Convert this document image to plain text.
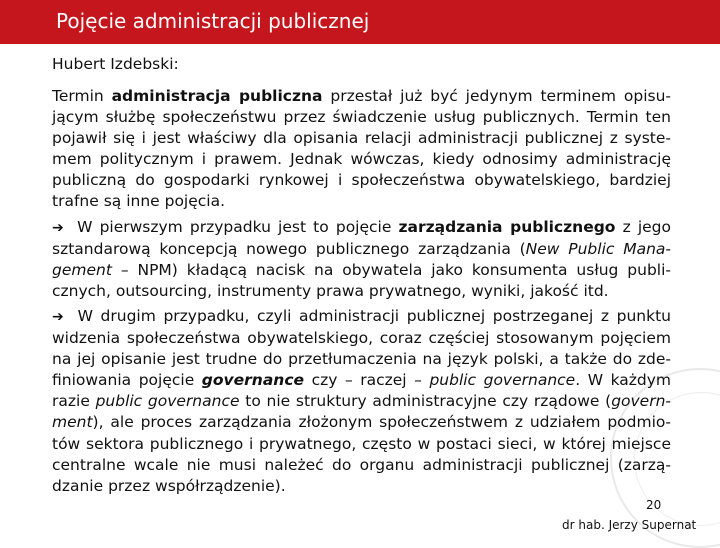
Pojęcie administracji publicznej
Hubert Izdebski:

Termin administracja publiczna przestał już być jedynym terminem opisującym służbę społeczeństwu przez świadczenie usług publicznych. Termin ten pojawił się i jest właściwy dla opisania relacji administracji publicznej z systemem politycznym i prawem. Jednak wówczas, kiedy odnosimy administrację publiczną do gospodarki rynkowej i społeczeństwa obywatelskiego, bardziej trafne są inne pojęcia.

➔ W pierwszym przypadku jest to pojęcie zarządzania publicznego z jego sztandarową koncepcją nowego publicznego zarządzania (New Public Management – NPM) kładącą nacisk na obywatela jako konsumenta usług publicznych, outsourcing, instrumenty prawa prywatnego, wyniki, jakość itd.

➔ W drugim przypadku, czyli administracji publicznej postrzeganej z punktu widzenia społeczeństwa obywatelskiego, coraz częściej stosowanym pojęciem na jej opisanie jest trudne do przetłumaczenia na język polski, a także do zdefiniowania pojęcie governance czy – raczej – public governance. W każdym razie public governance to nie struktury administracyjne czy rządowe (government), ale proces zarządzania złożonym społeczeństwem z udziałem podmiotów sektora publicznego i prywatnego, często w postaci sieci, w której miejsce centralne wcale nie musi należeć do organu administracji publicznej (zarządzanie przez współrządzenie).

20
dr hab. Jerzy Supernat
